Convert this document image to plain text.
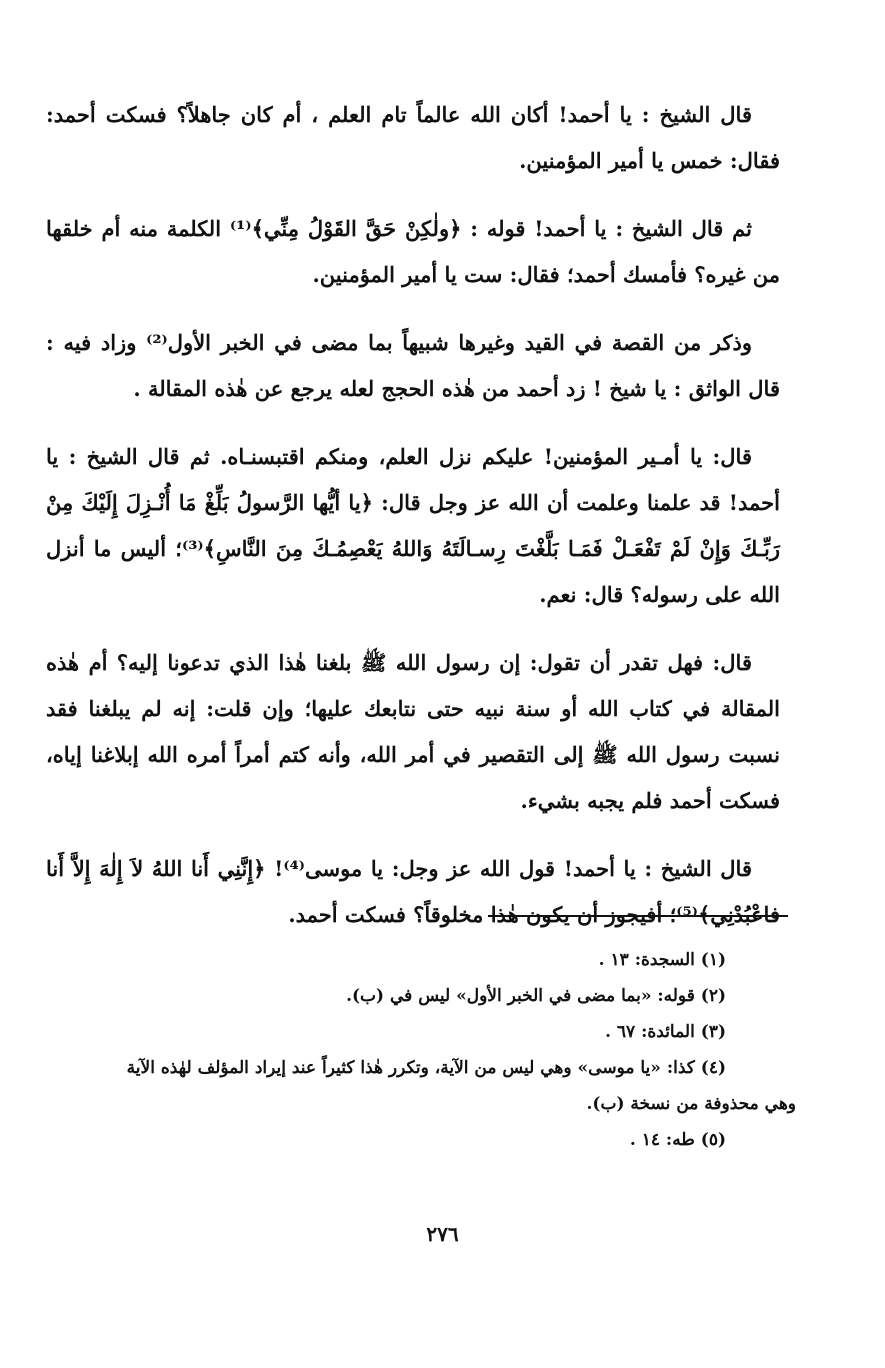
قال الشيخ : يا أحمد! أكان الله عالماً تام العلم ، أم كان جاهلاً؟ فسكت أحمد: فقال: خمس يا أمير المؤمنين.

ثم قال الشيخ : يا أحمد! قوله : ﴿ولٰكِنْ حَقَّ القَوْلُ مِنِّي﴾⁽¹⁾ الكلمة منه أم خلقها من غيره؟ فأمسك أحمد؛ فقال: ست يا أمير المؤمنين.

وذكر من القصة في القيد وغيرها شبيهاً بما مضى في الخبر الأول⁽²⁾ وزاد فيه : قال الواثق : يا شيخ ! زد أحمد من هٰذه الحجج لعله يرجع عن هٰذه المقالة .

قال: يا أمـير المؤمنين! عليكم نزل العلم، ومنكم اقتبسنـاه. ثم قال الشيخ : يا أحمد! قد علمنا وعلمت أن الله عز وجل قال: ﴿يا أيُّها الرَّسولُ بَلِّغْ مَا أُنْـزِلَ إِلَيْكَ مِنْ رَبِّـكَ وَإِنْ لَمْ تَفْعَـلْ فَمَـا بَلَّغْتَ رِسـالَتَهُ وَاللهُ يَعْصِمُـكَ مِنَ النَّاسِ﴾⁽³⁾؛ أليس ما أنزل الله على رسوله؟ قال: نعم.

قال: فهل تقدر أن تقول: إن رسول الله ﷺ بلغنا هٰذا الذي تدعونا إليه؟ أم هٰذه المقالة في كتاب الله أو سنة نبيه حتى نتابعك عليها؛ وإن قلت: إنه لم يبلغنا فقد نسبت رسول الله ﷺ إلى التقصير في أمر الله، وأنه كتم أمراً أمره الله إبلاغنا إياه، فسكت أحمد فلم يجبه بشيء.

قال الشيخ : يا أحمد! قول الله عز وجل: يا موسى⁽⁴⁾! ﴿إِنَّنِي أَنا اللهُ لاَ إِلٰهَ إِلاَّ أَنا فاعْبُدْنِي﴾⁽⁵⁾؛ أفيجوز أن يكون هٰذا مخلوقاً؟ فسكت أحمد.

(١) السجدة: ١٣ .

(٢) قوله: «بما مضى في الخبر الأول» ليس في (ب).

(٣) المائدة: ٦٧ .

(٤) كذا: «يا موسى» وهي ليس من الآية، وتكرر هٰذا كثيراً عند إيراد المؤلف لهٰذه الآية

وهي محذوفة من نسخة (ب).

(٥) طه: ١٤ .

٢٧٦
